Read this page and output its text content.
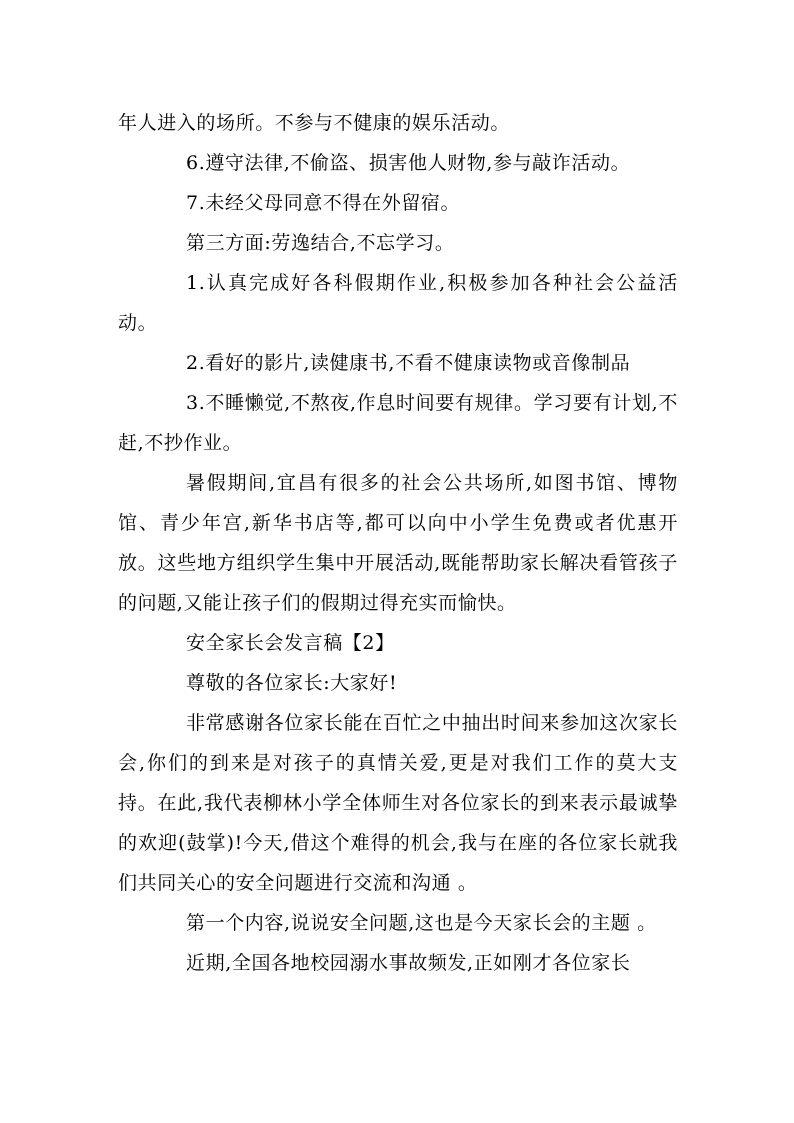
年人进入的场所。不参与不健康的娱乐活动。

6.遵守法律,不偷盗、损害他人财物,参与敲诈活动。

7.未经父母同意不得在外留宿。

第三方面:劳逸结合,不忘学习。

1.认真完成好各科假期作业,积极参加各种社会公益活动。

2.看好的影片,读健康书,不看不健康读物或音像制品

3.不睡懒觉,不熬夜,作息时间要有规律。学习要有计划,不赶,不抄作业。

暑假期间,宜昌有很多的社会公共场所,如图书馆、博物馆、青少年宫,新华书店等,都可以向中小学生免费或者优惠开放。这些地方组织学生集中开展活动,既能帮助家长解决看管孩子的问题,又能让孩子们的假期过得充实而愉快。

安全家长会发言稿【2】

尊敬的各位家长:大家好!

非常感谢各位家长能在百忙之中抽出时间来参加这次家长会,你们的到来是对孩子的真情关爱,更是对我们工作的莫大支持。在此,我代表柳林小学全体师生对各位家长的到来表示最诚挚的欢迎(鼓掌)!今天,借这个难得的机会,我与在座的各位家长就我们共同关心的安全问题进行交流和沟通 。

第一个内容,说说安全问题,这也是今天家长会的主题 。

近期,全国各地校园溺水事故频发,正如刚才各位家长
